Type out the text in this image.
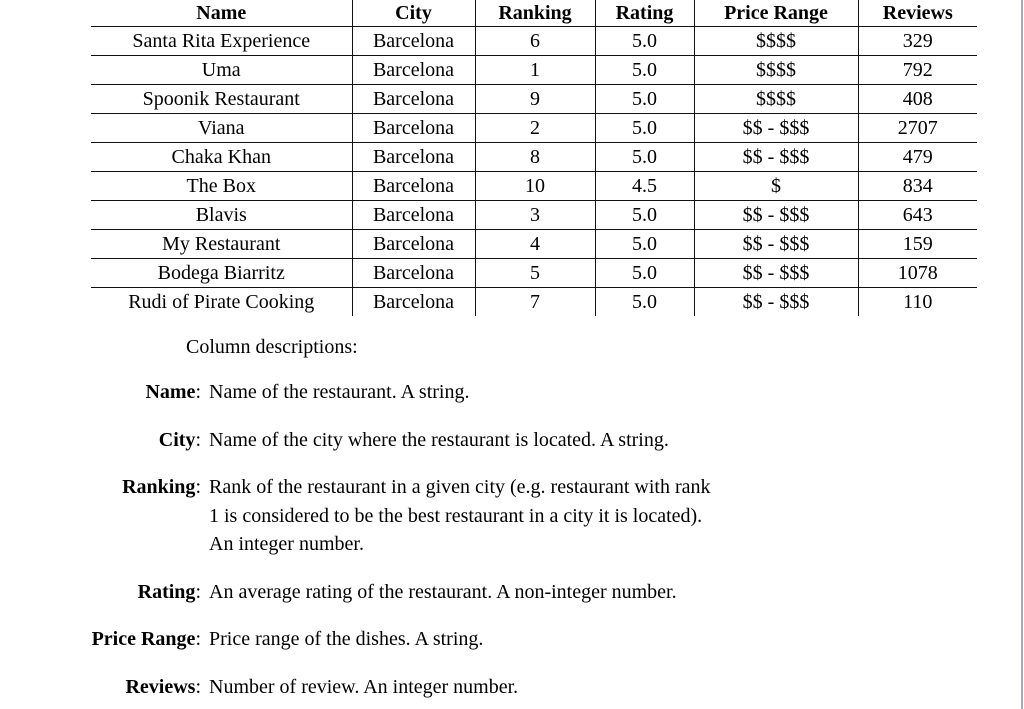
Name	City	Ranking	Rating	Price Range	Reviews
Santa Rita Experience	Barcelona	6	5.0	$$$$	329
Uma	Barcelona	1	5.0	$$$$	792
Spoonik Restaurant	Barcelona	9	5.0	$$$$	408
Viana	Barcelona	2	5.0	$$ - $$$	2707
Chaka Khan	Barcelona	8	5.0	$$ - $$$	479
The Box	Barcelona	10	4.5	$	834
Blavis	Barcelona	3	5.0	$$ - $$$	643
My Restaurant	Barcelona	4	5.0	$$ - $$$	159
Bodega Biarritz	Barcelona	5	5.0	$$ - $$$	1078
Rudi of Pirate Cooking	Barcelona	7	5.0	$$ - $$$	110
Column descriptions:
Name: Name of the restaurant. A string.
City: Name of the city where the restaurant is located. A string.
Ranking: Rank of the restaurant in a given city (e.g. restaurant with rank
1 is considered to be the best restaurant in a city it is located).
An integer number.
Rating: An average rating of the restaurant. A non-integer number.
Price Range: Price range of the dishes. A string.
Reviews: Number of review. An integer number.
